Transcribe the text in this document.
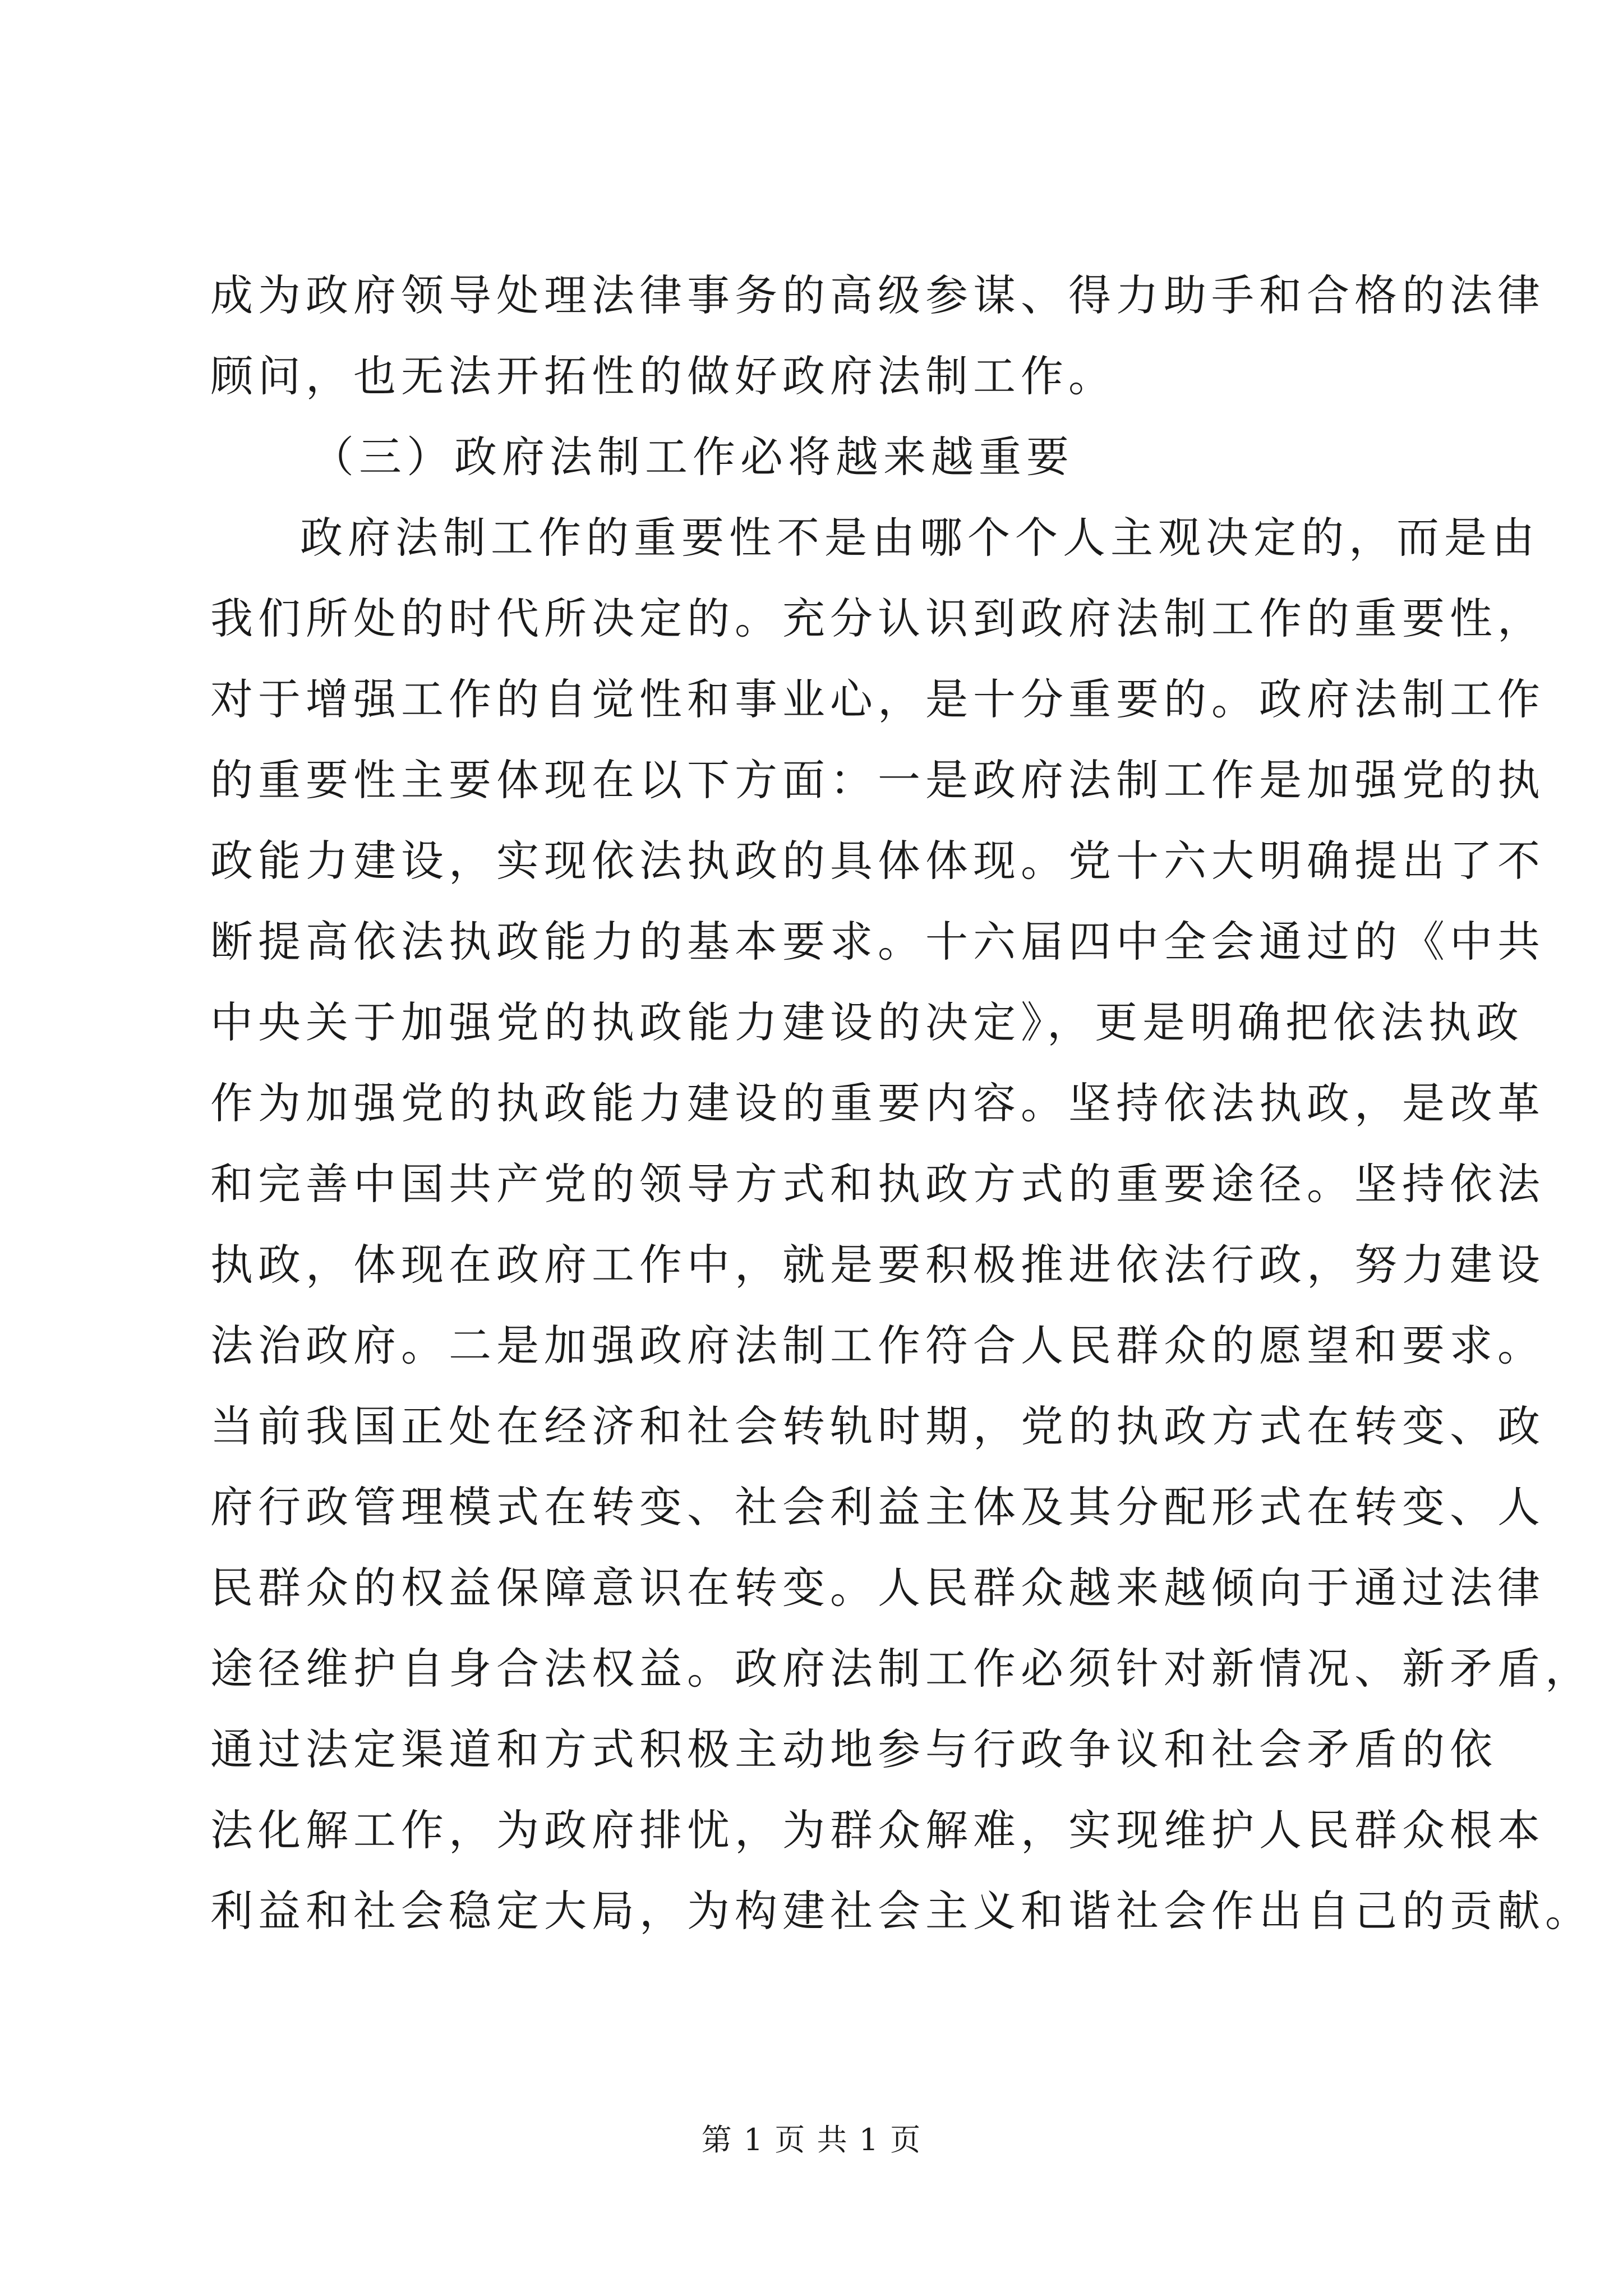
成为政府领导处理法律事务的高级参谋、得力助手和合格的法律
顾问，也无法开拓性的做好政府法制工作。
（三）政府法制工作必将越来越重要
政府法制工作的重要性不是由哪个个人主观决定的，而是由
我们所处的时代所决定的。充分认识到政府法制工作的重要性，
对于增强工作的自觉性和事业心，是十分重要的。政府法制工作
的重要性主要体现在以下方面：一是政府法制工作是加强党的执
政能力建设，实现依法执政的具体体现。党十六大明确提出了不
断提高依法执政能力的基本要求。十六届四中全会通过的《中共
中央关于加强党的执政能力建设的决定》，更是明确把依法执政
作为加强党的执政能力建设的重要内容。坚持依法执政，是改革
和完善中国共产党的领导方式和执政方式的重要途径。坚持依法
执政，体现在政府工作中，就是要积极推进依法行政，努力建设
法治政府。二是加强政府法制工作符合人民群众的愿望和要求。
当前我国正处在经济和社会转轨时期，党的执政方式在转变、政
府行政管理模式在转变、社会利益主体及其分配形式在转变、人
民群众的权益保障意识在转变。人民群众越来越倾向于通过法律
途径维护自身合法权益。政府法制工作必须针对新情况、新矛盾，
通过法定渠道和方式积极主动地参与行政争议和社会矛盾的依
法化解工作，为政府排忧，为群众解难，实现维护人民群众根本
利益和社会稳定大局，为构建社会主义和谐社会作出自己的贡献。
第 1 页 共 1 页
